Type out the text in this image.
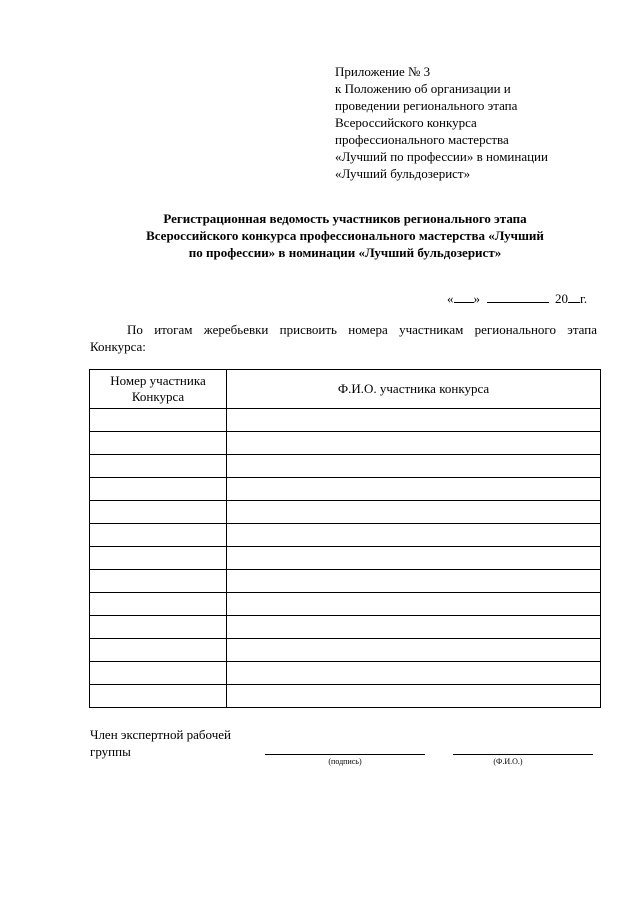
Приложение № 3
к Положению об организации и
проведении регионального этапа
Всероссийского конкурса
профессионального мастерства
«Лучший по профессии» в номинации
«Лучший бульдозерист»
Регистрационная ведомость участников регионального этапа
Всероссийского конкурса профессионального мастерства «Лучший
по профессии» в номинации «Лучший бульдозерист»
« »	20 г.
По итогам жеребьевки присвоить номера участникам регионального этапа Конкурса:
Номер участника Конкурса	Ф.И.О. участника конкурса

Член экспертной рабочей группы
(подпись)	(Ф.И.О.)
